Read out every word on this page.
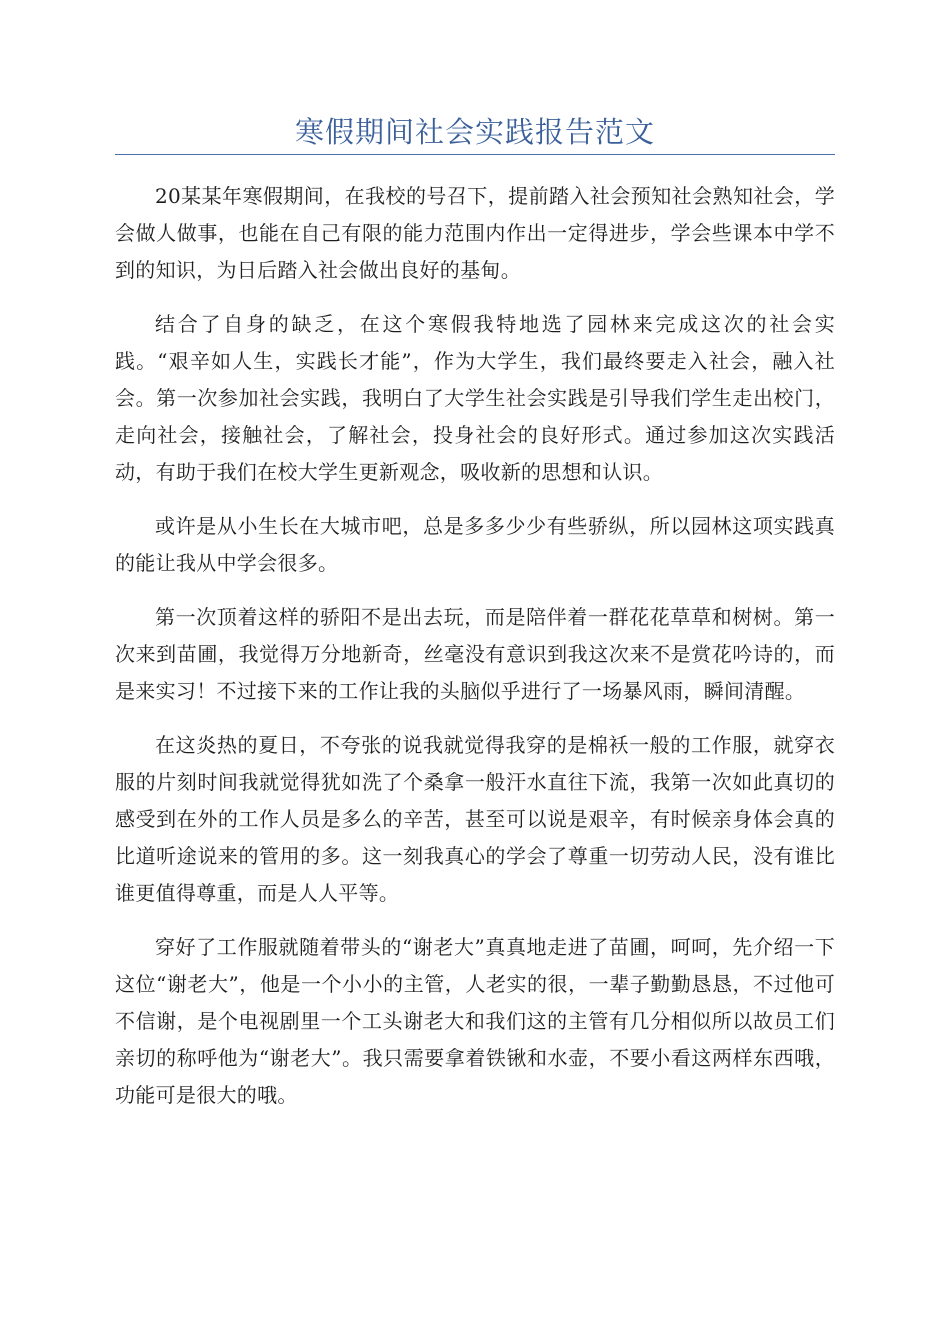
寒假期间社会实践报告范文

20某某年寒假期间，在我校的号召下，提前踏入社会预知社会熟知社会，学会做人做事，也能在自己有限的能力范围内作出一定得进步，学会些课本中学不到的知识，为日后踏入社会做出良好的基甸。

结合了自身的缺乏，在这个寒假我特地选了园林来完成这次的社会实践。“艰辛如人生，实践长才能”，作为大学生，我们最终要走入社会，融入社会。第一次参加社会实践，我明白了大学生社会实践是引导我们学生走出校门，走向社会，接触社会，了解社会，投身社会的良好形式。通过参加这次实践活动，有助于我们在校大学生更新观念，吸收新的思想和认识。

或许是从小生长在大城市吧，总是多多少少有些骄纵，所以园林这项实践真的能让我从中学会很多。

第一次顶着这样的骄阳不是出去玩，而是陪伴着一群花花草草和树树。第一次来到苗圃，我觉得万分地新奇，丝毫没有意识到我这次来不是赏花吟诗的，而是来实习！不过接下来的工作让我的头脑似乎进行了一场暴风雨，瞬间清醒。

在这炎热的夏日，不夸张的说我就觉得我穿的是棉袄一般的工作服，就穿衣服的片刻时间我就觉得犹如洗了个桑拿一般汗水直往下流，我第一次如此真切的感受到在外的工作人员是多么的辛苦，甚至可以说是艰辛，有时候亲身体会真的比道听途说来的管用的多。这一刻我真心的学会了尊重一切劳动人民，没有谁比谁更值得尊重，而是人人平等。

穿好了工作服就随着带头的“谢老大”真真地走进了苗圃，呵呵，先介绍一下这位“谢老大”，他是一个小小的主管，人老实的很，一辈子勤勤恳恳，不过他可不信谢，是个电视剧里一个工头谢老大和我们这的主管有几分相似所以故员工们亲切的称呼他为“谢老大”。我只需要拿着铁锹和水壶，不要小看这两样东西哦，功能可是很大的哦。
